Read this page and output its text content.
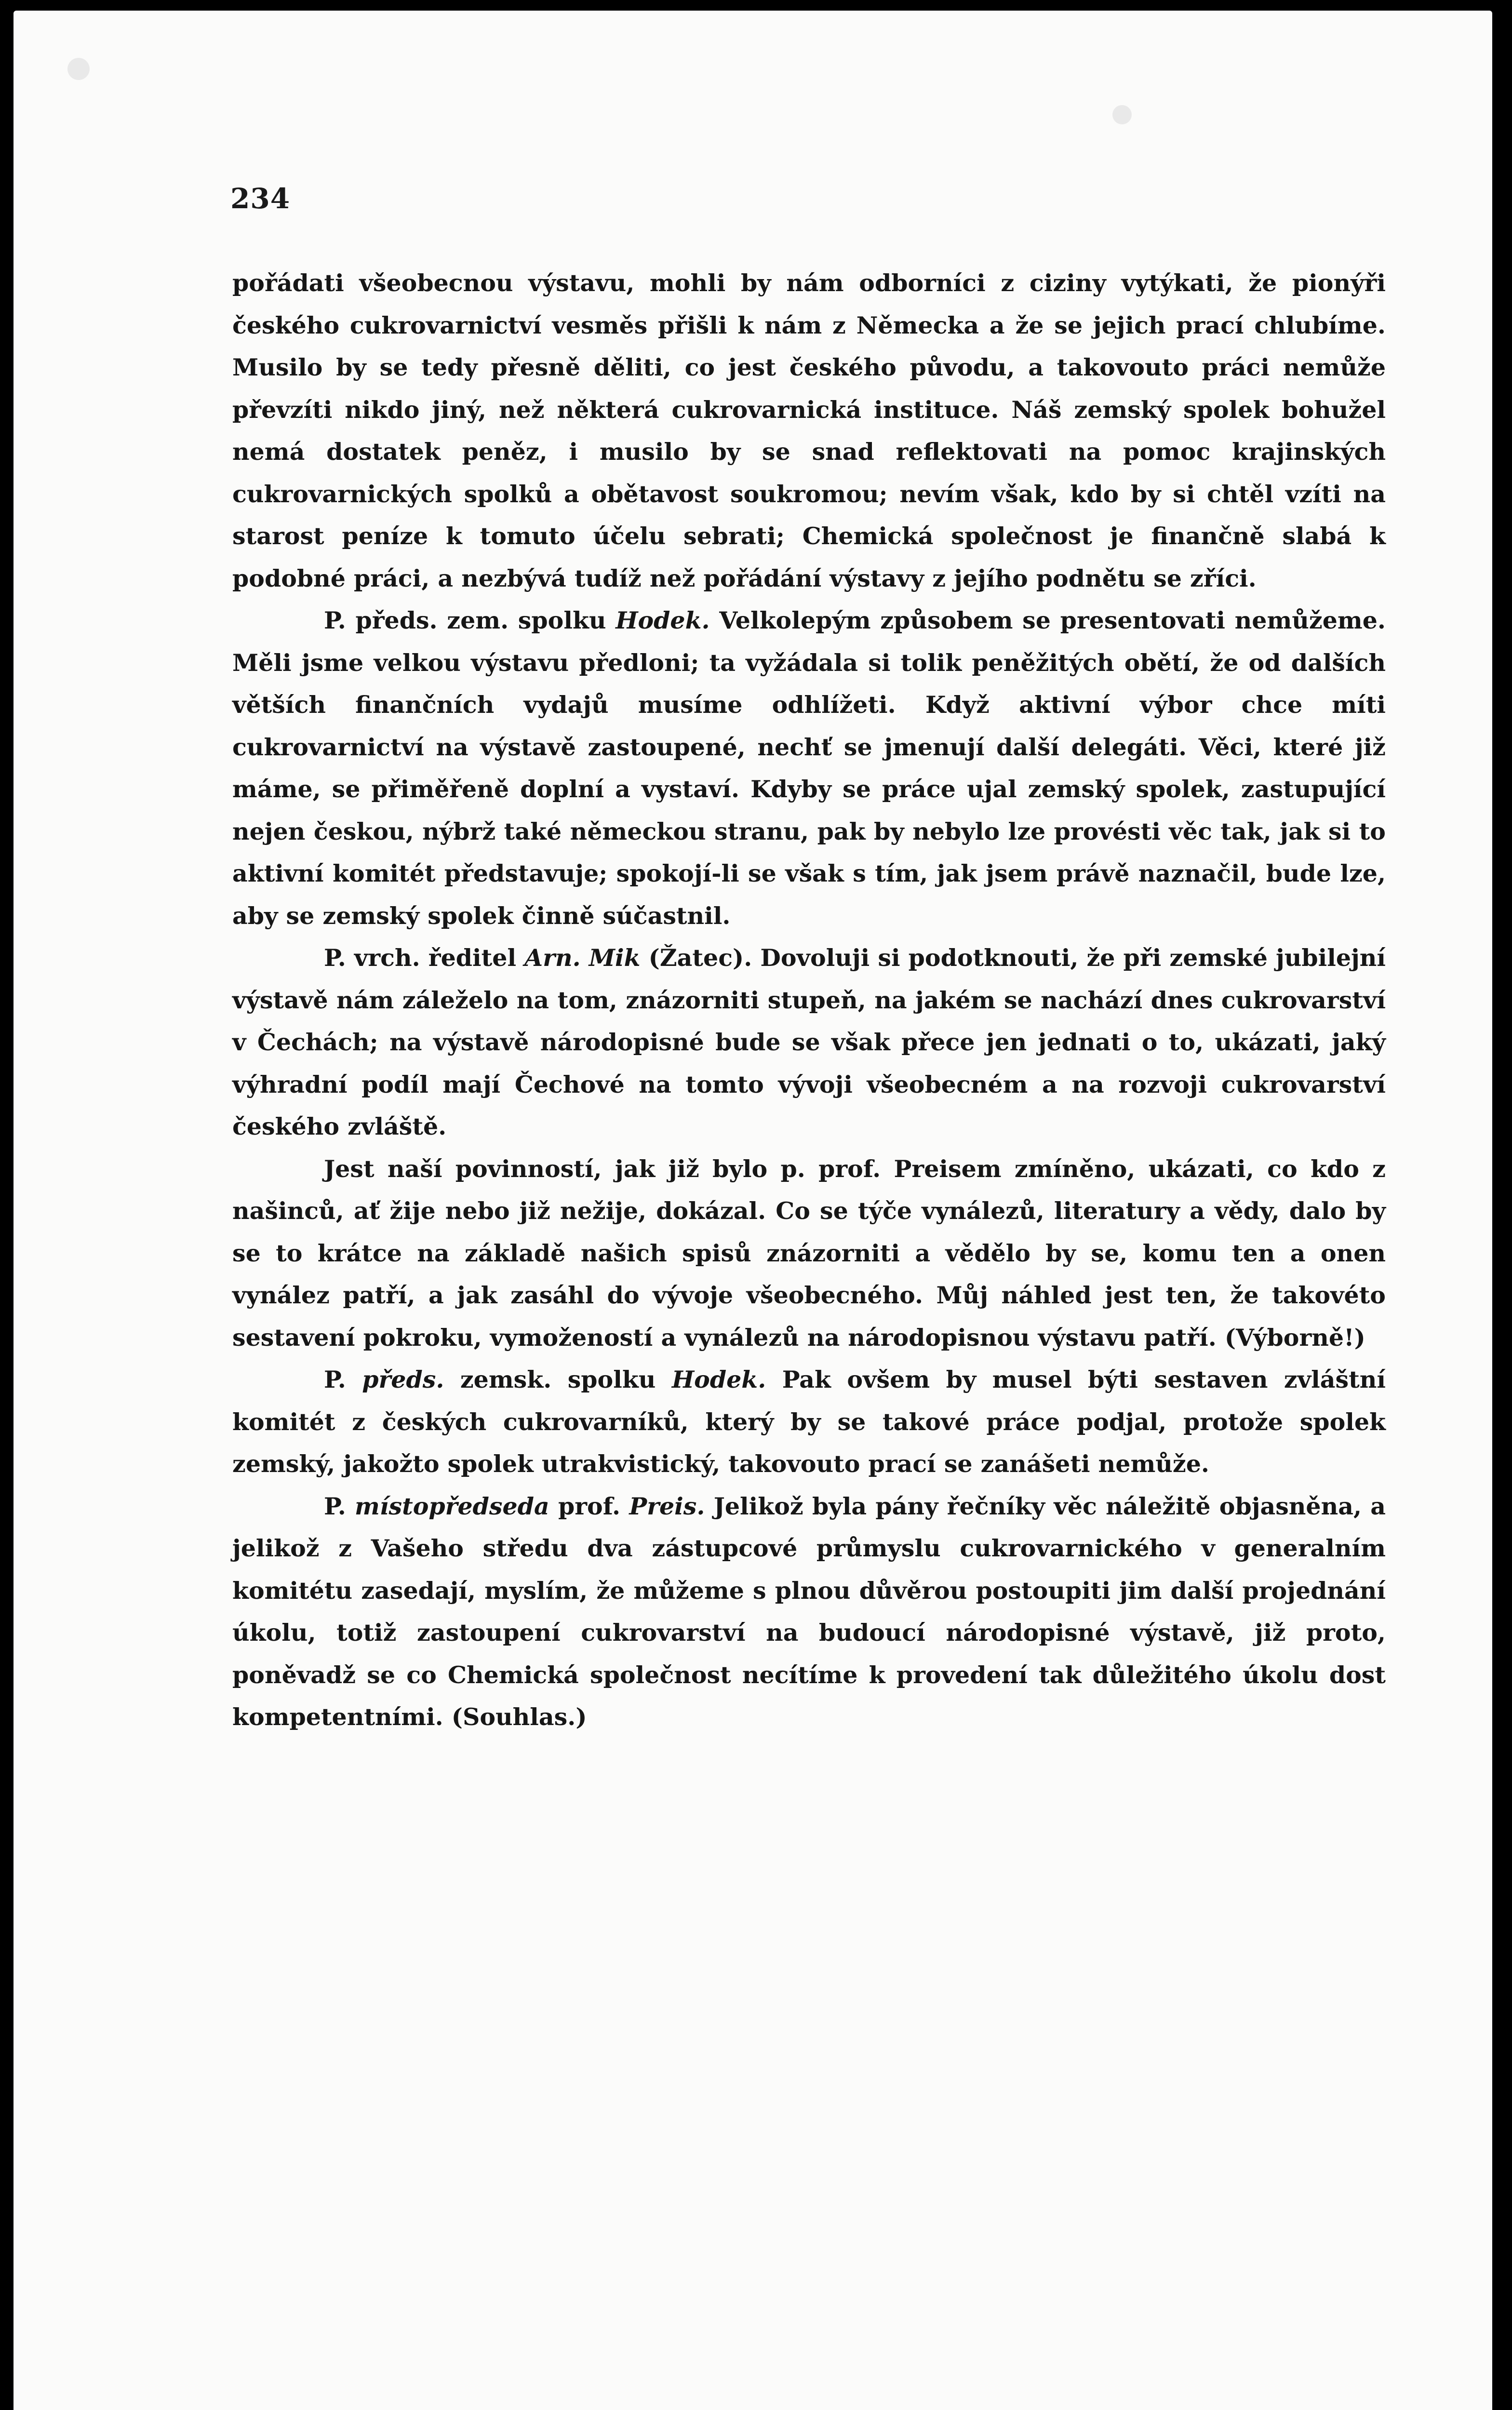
234

pořádati všeobecnou výstavu, mohli by nám odborníci z ciziny vytýkati, že pionýři českého cukrovarnictví vesměs přišli k nám z Německa a že se jejich prací chlubíme. Musilo by se tedy přesně děliti, co jest českého původu, a takovouto práci nemůže převzíti nikdo jiný, než některá cukrovarnická instituce. Náš zemský spolek bohužel nemá dostatek peněz, i musilo by se snad reflektovati na pomoc krajinských cukrovarnických spolků a obětavost soukromou; nevím však, kdo by si chtěl vzíti na starost peníze k tomuto účelu sebrati; Chemická společnost je finančně slabá k podobné práci, a nezbývá tudíž než pořádání výstavy z jejího podnětu se zříci.

P. předs. zem. spolku Hodek. Velkolepým způsobem se presentovati nemůžeme. Měli jsme velkou výstavu předloni; ta vyžádala si tolik peněžitých obětí, že od dalších větších finančních vydajů musíme odhlížeti. Když aktivní výbor chce míti cukrovarnictví na výstavě zastoupené, nechť se jmenují další delegáti. Věci, které již máme, se přiměřeně doplní a vystaví. Kdyby se práce ujal zemský spolek, zastupující nejen českou, nýbrž také německou stranu, pak by nebylo lze provésti věc tak, jak si to aktivní komitét představuje; spokojí-li se však s tím, jak jsem právě naznačil, bude lze, aby se zemský spolek činně súčastnil.

P. vrch. ředitel Arn. Mik (Žatec). Dovoluji si podotknouti, že při zemské jubilejní výstavě nám záleželo na tom, znázorniti stupeň, na jakém se nachází dnes cukrovarství v Čechách; na výstavě národopisné bude se však přece jen jednati o to, ukázati, jaký výhradní podíl mají Čechové na tomto vývoji všeobecném a na rozvoji cukrovarství českého zvláště.

Jest naší povinností, jak již bylo p. prof. Preisem zmíněno, ukázati, co kdo z našinců, ať žije nebo již nežije, dokázal. Co se týče vynálezů, literatury a vědy, dalo by se to krátce na základě našich spisů znázorniti a vědělo by se, komu ten a onen vynález patří, a jak zasáhl do vývoje všeobecného. Můj náhled jest ten, že takovéto sestavení pokroku, vymožeností a vynálezů na národopisnou výstavu patří. (Výborně!)

P. předs. zemsk. spolku Hodek. Pak ovšem by musel býti sestaven zvláštní komitét z českých cukrovarníků, který by se takové práce podjal, protože spolek zemský, jakožto spolek utrakvistický, takovouto prací se zanášeti nemůže.

P. místopředseda prof. Preis. Jelikož byla pány řečníky věc náležitě objasněna, a jelikož z Vašeho středu dva zástupcové průmyslu cukrovarnického v generalním komitétu zasedají, myslím, že můžeme s plnou důvěrou postoupiti jim další projednání úkolu, totiž zastoupení cukrovarství na budoucí národopisné výstavě, již proto, poněvadž se co Chemická společnost necítíme k provedení tak důležitého úkolu dost kompetentními. (Souhlas.)
